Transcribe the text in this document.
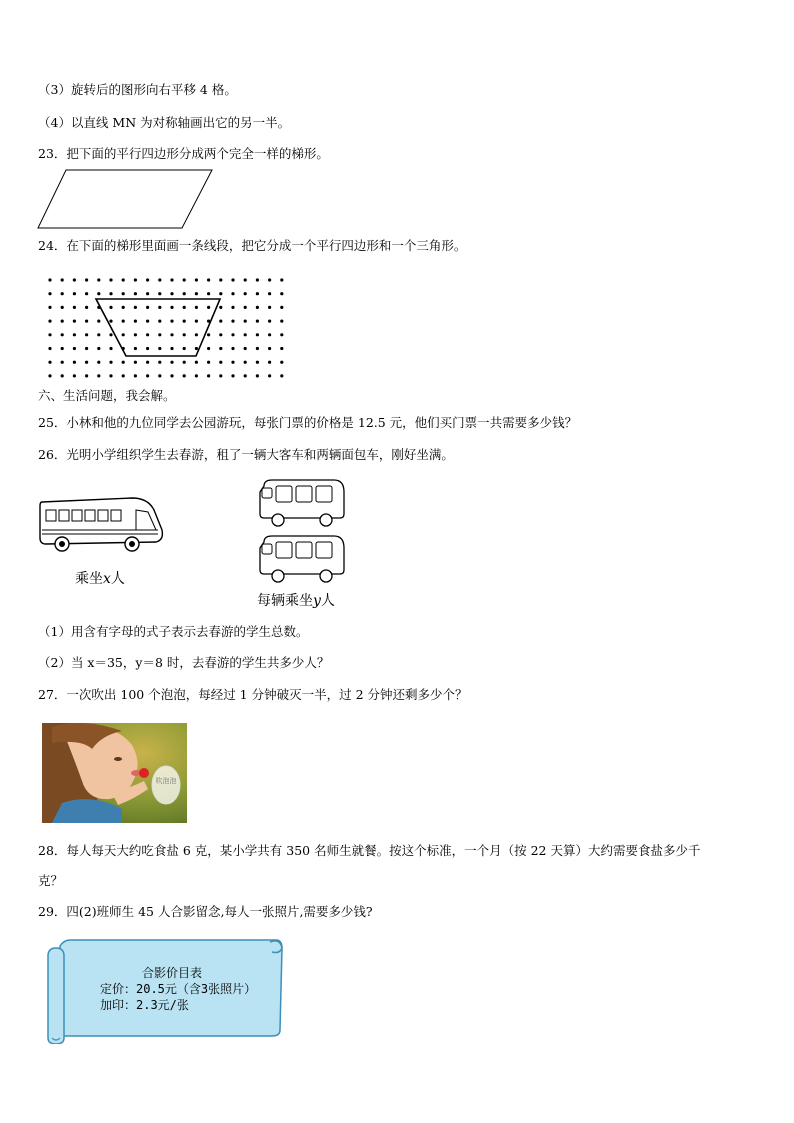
（3）旋转后的图形向右平移 4 格。
（4）以直线 MN 为对称轴画出它的另一半。
23．把下面的平行四边形分成两个完全一样的梯形。
24．在下面的梯形里面画一条线段，把它分成一个平行四边形和一个三角形。
六、生活问题，我会解。
25．小林和他的九位同学去公园游玩，每张门票的价格是 12.5 元，他们买门票一共需要多少钱？
26．光明小学组织学生去春游，租了一辆大客车和两辆面包车，刚好坐满。
乘坐x人
每辆乘坐y人
（1）用含有字母的式子表示去春游的学生总数。
（2）当 x＝35，y＝8 时，去春游的学生共多少人？
27．一次吹出 100 个泡泡，每经过 1 分钟破灭一半，过 2 分钟还剩多少个？
吹泡泡
28．每人每天大约吃食盐 6 克，某小学共有 350 名师生就餐。按这个标准，一个月（按 22 天算）大约需要食盐多少千
克？
29．四(2)班师生 45 人合影留念,每人一张照片,需要多少钱?
合影价目表
定价：20.5元（含3张照片）
加印：2.3元/张
